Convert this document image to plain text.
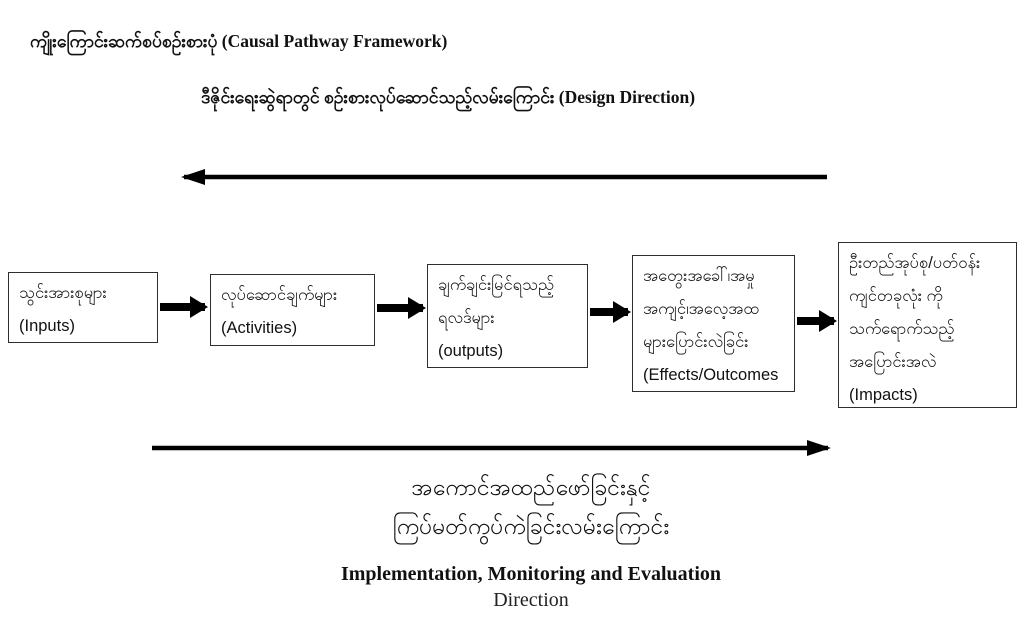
ကျိုးကြောင်းဆက်စပ်စဉ်းစားပုံ (Causal Pathway Framework)
ဒီဇိုင်းရေးဆွဲရာတွင် စဉ်းစားလုပ်ဆောင်သည့်လမ်းကြောင်း (Design Direction)
သွင်းအားစုများ
(Inputs)
လုပ်ဆောင်ချက်များ
(Activities)
ချက်ချင်းမြင်ရသည့်
ရလဒ်များ
(outputs)
အတွေးအခေါ်၊အမှု
အကျင့်၊အလေ့အထ
များပြောင်းလဲခြင်း
(Effects/Outcomes
ဦးတည်အုပ်စု/ပတ်ဝန်း
ကျင်တခုလုံး ကို
သက်ရောက်သည့်
အပြောင်းအလဲ
(Impacts)
အကောင်အထည်ဖော်ခြင်းနှင့်
ကြပ်မတ်ကွပ်ကဲခြင်းလမ်းကြောင်း
Implementation, Monitoring and Evaluation
Direction
